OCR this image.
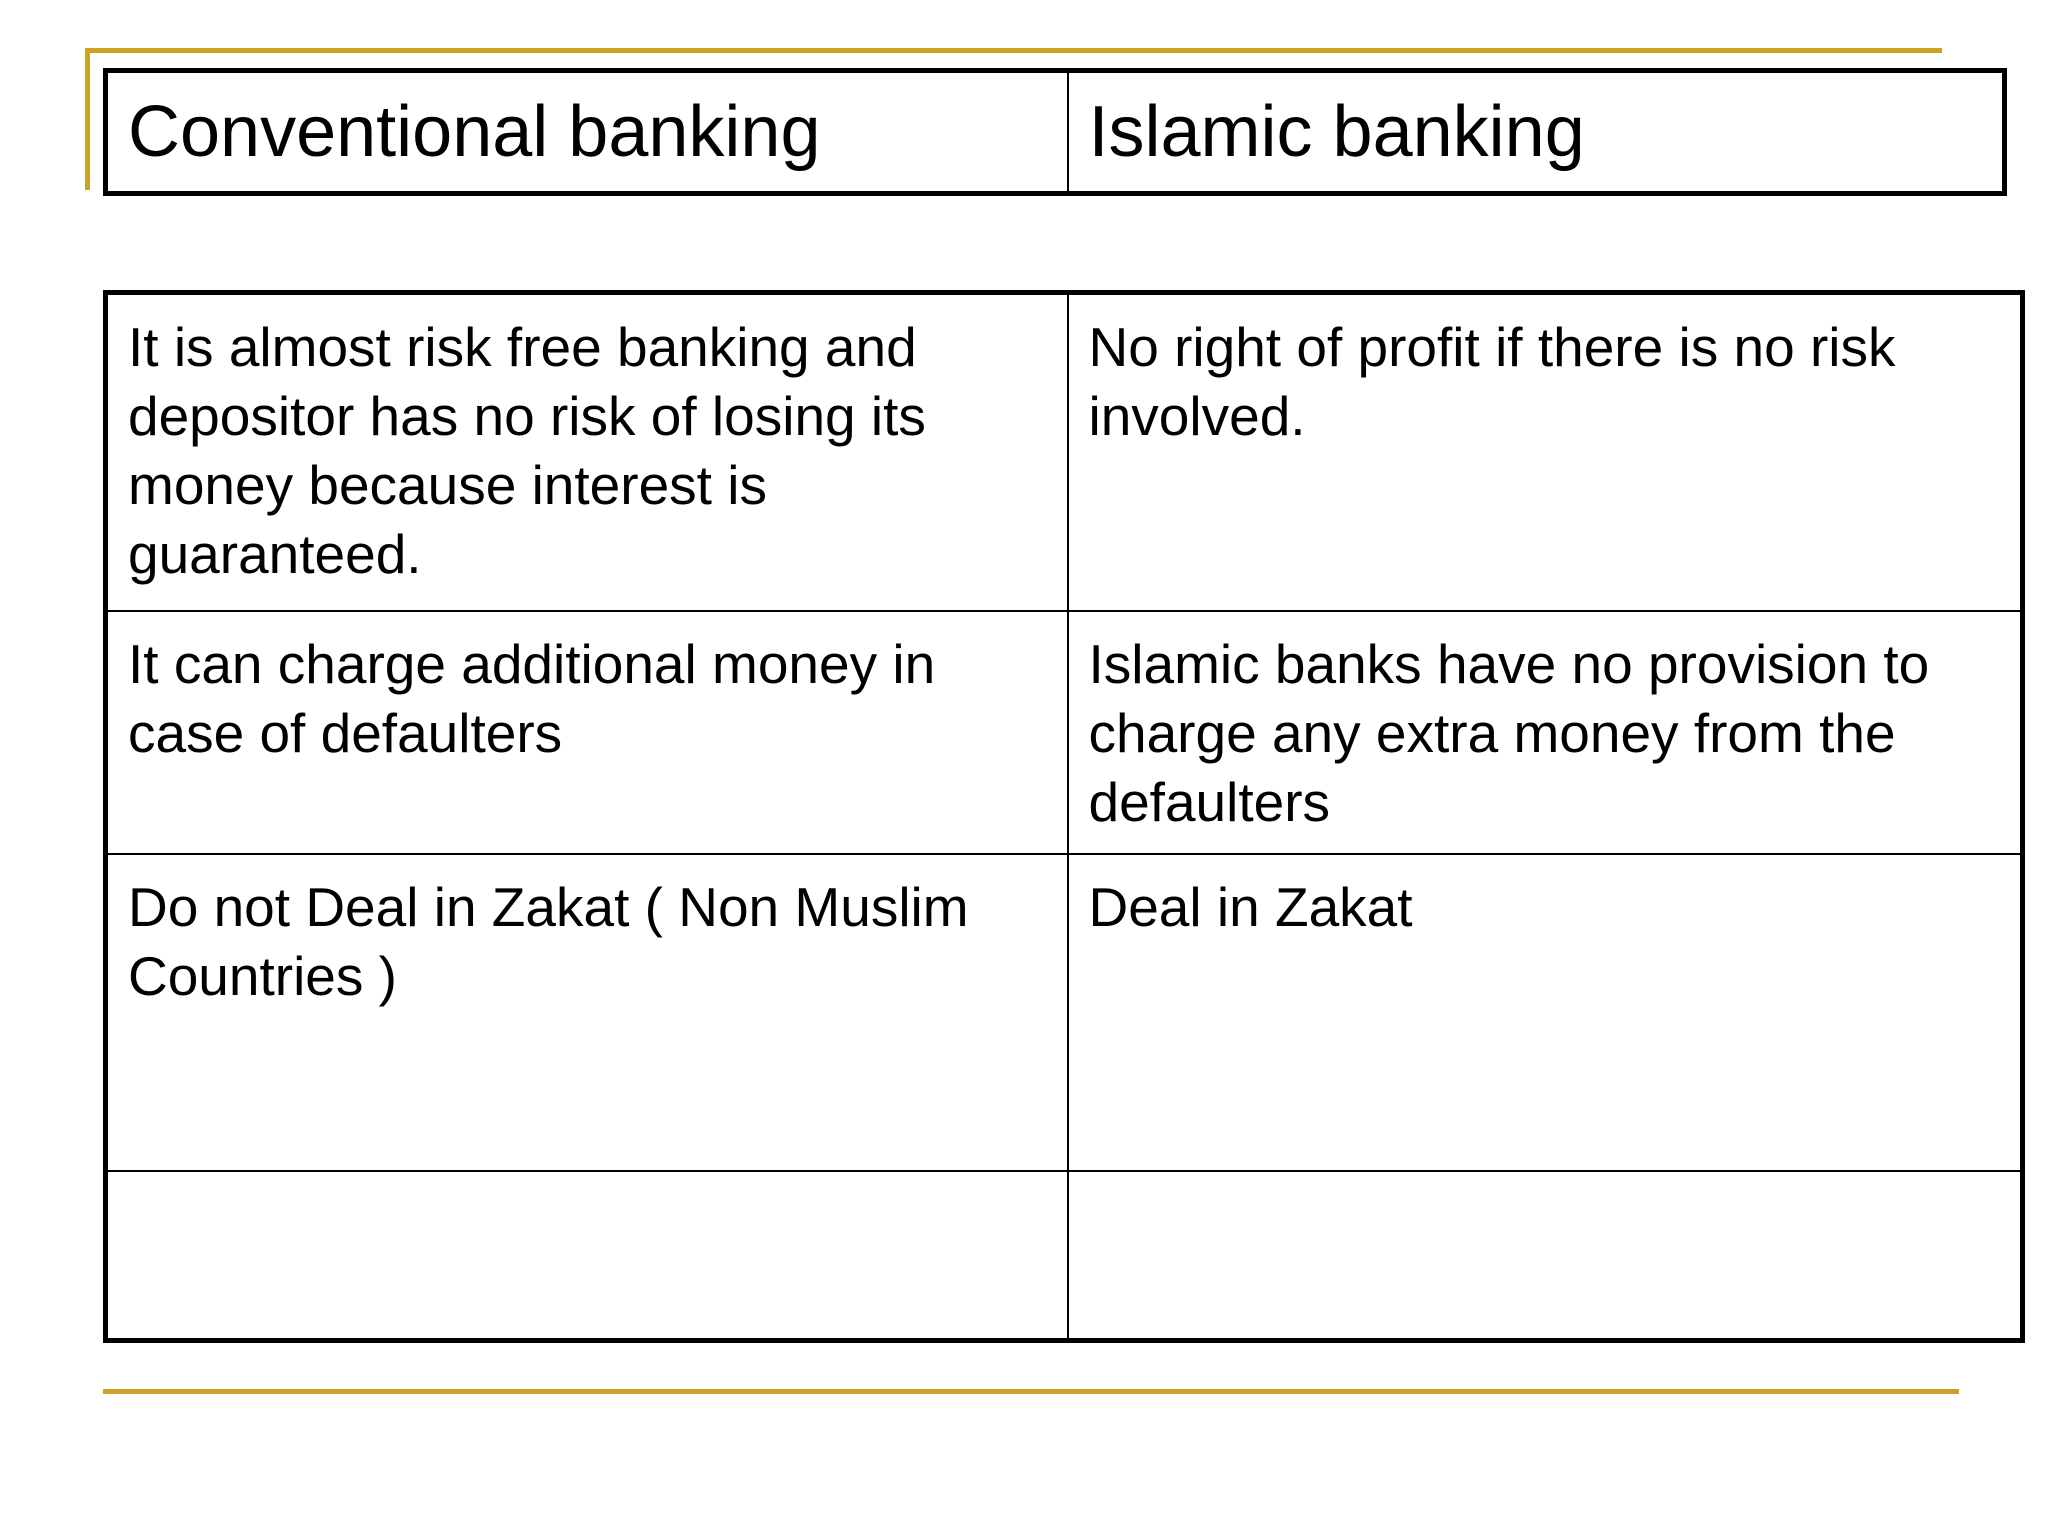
Conventional banking	Islamic banking
It is almost risk free banking and depositor has no risk of losing its money because interest is guaranteed.	No right of profit if there is no risk involved.
It can charge additional money in case of defaulters	Islamic banks have no provision to charge any extra money from the defaulters
Do not Deal in Zakat ( Non Muslim Countries )	Deal in Zakat
